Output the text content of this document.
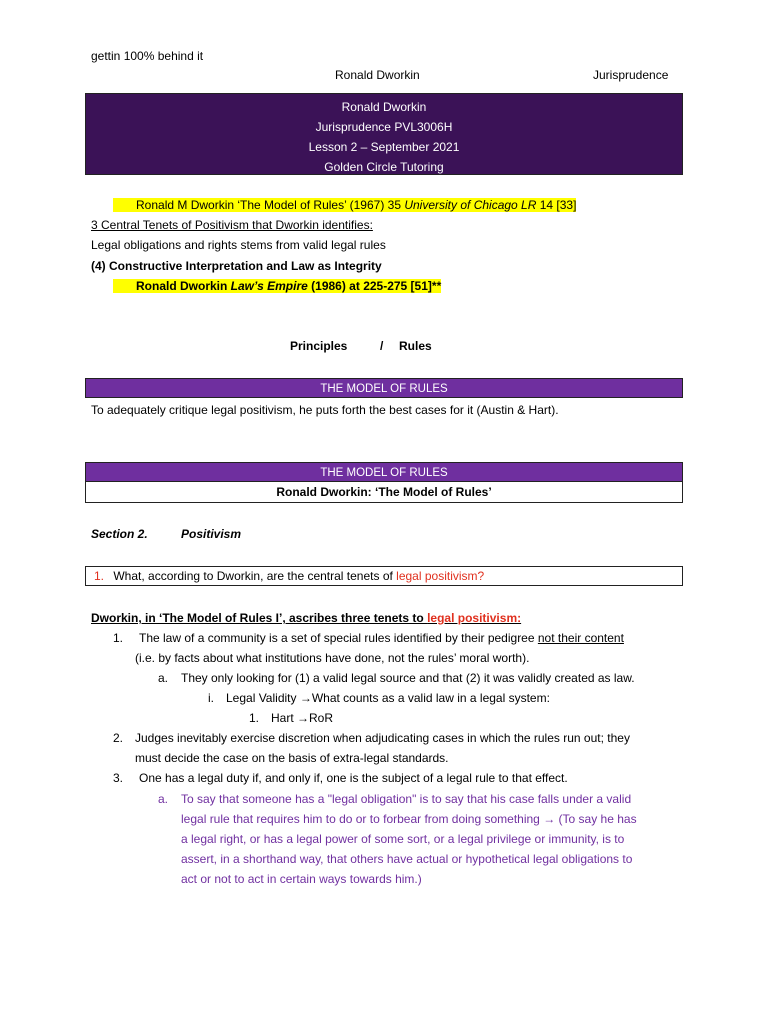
gettin 100% behind it
Ronald Dworkin	Jurisprudence
Ronald Dworkin
Jurisprudence PVL3006H
Lesson 2 – September 2021
Golden Circle Tutoring
Ronald M Dworkin ‘The Model of Rules’ (1967) 35 University of Chicago LR 14 [33]
3 Central Tenets of Positivism that Dworkin identifies:
Legal obligations and rights stems from valid legal rules
(4) Constructive Interpretation and Law as Integrity
Ronald Dworkin Law’s Empire (1986) at 225-275 [51]**
Principles	/ Rules
THE MODEL OF RULES
To adequately critique legal positivism, he puts forth the best cases for it (Austin & Hart).
THE MODEL OF RULES
Ronald Dworkin: ‘The Model of Rules’
Section 2.	Positivism
1. What, according to Dworkin, are the central tenets of legal positivism?
Dworkin, in ‘The Model of Rules I’, ascribes three tenets to legal positivism:
1. The law of a community is a set of special rules identified by their pedigree not their content
(i.e. by facts about what institutions have done, not the rules’ moral worth).
a. They only looking for (1) a valid legal source and that (2) it was validly created as law.
i. Legal Validity →What counts as a valid law in a legal system:
1. Hart →RoR
2. Judges inevitably exercise discretion when adjudicating cases in which the rules run out; they
must decide the case on the basis of extra-legal standards.
3. One has a legal duty if, and only if, one is the subject of a legal rule to that effect.
a. To say that someone has a "legal obligation" is to say that his case falls under a valid
legal rule that requires him to do or to forbear from doing something → (To say he has
a legal right, or has a legal power of some sort, or a legal privilege or immunity, is to
assert, in a shorthand way, that others have actual or hypothetical legal obligations to
act or not to act in certain ways towards him.)
